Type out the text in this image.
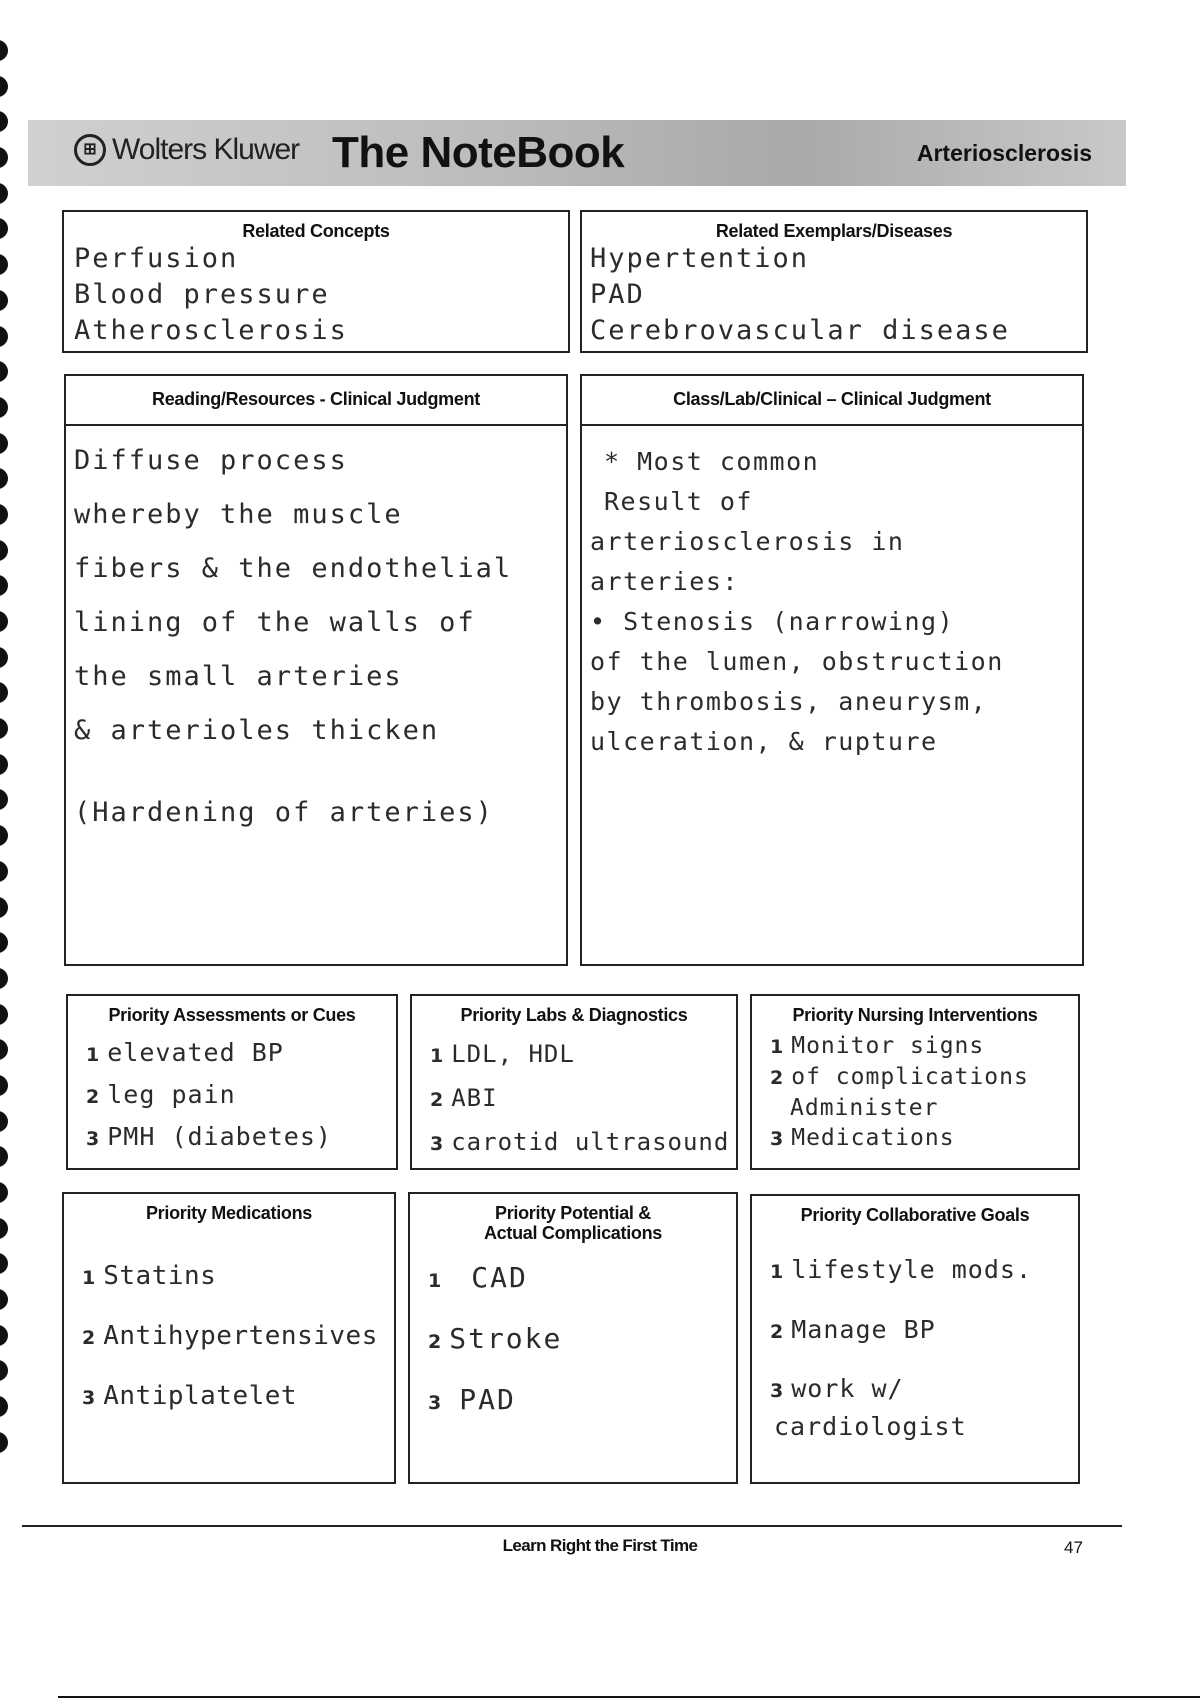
⊞ Wolters Kluwer The NoteBook	Arteriosclerosis
Related Concepts
Perfusion
Blood pressure
Atherosclerosis
Related Exemplars/Diseases
Hypertention
PAD
Cerebrovascular disease
Reading/Resources - Clinical Judgment
Diffuse process
whereby the muscle
fibers & the endothelial
lining of the walls of
the small arteries
& arterioles thicken
(Hardening of arteries)
Class/Lab/Clinical – Clinical Judgment
* Most common
Result of
arteriosclerosis in
arteries:
• Stenosis (narrowing)
of the lumen, obstruction
by thrombosis, aneurysm,
ulceration, & rupture
Priority Assessments or Cues
1 elevated BP
2 leg pain
3 PMH (diabetes)
Priority Labs & Diagnostics
1 LDL, HDL
2 ABI
3 carotid ultrasound
Priority Nursing Interventions
1 Monitor signs
2 of complications
Administer
3 Medications
Priority Medications
1 Statins
2 Antihypertensives
3 Antiplatelet
Priority Potential &
Actual Complications
1 CAD
2 Stroke
3 PAD
Priority Collaborative Goals
1 lifestyle mods.
2 Manage BP
3 work w/
cardiologist
Learn Right the First Time	47
